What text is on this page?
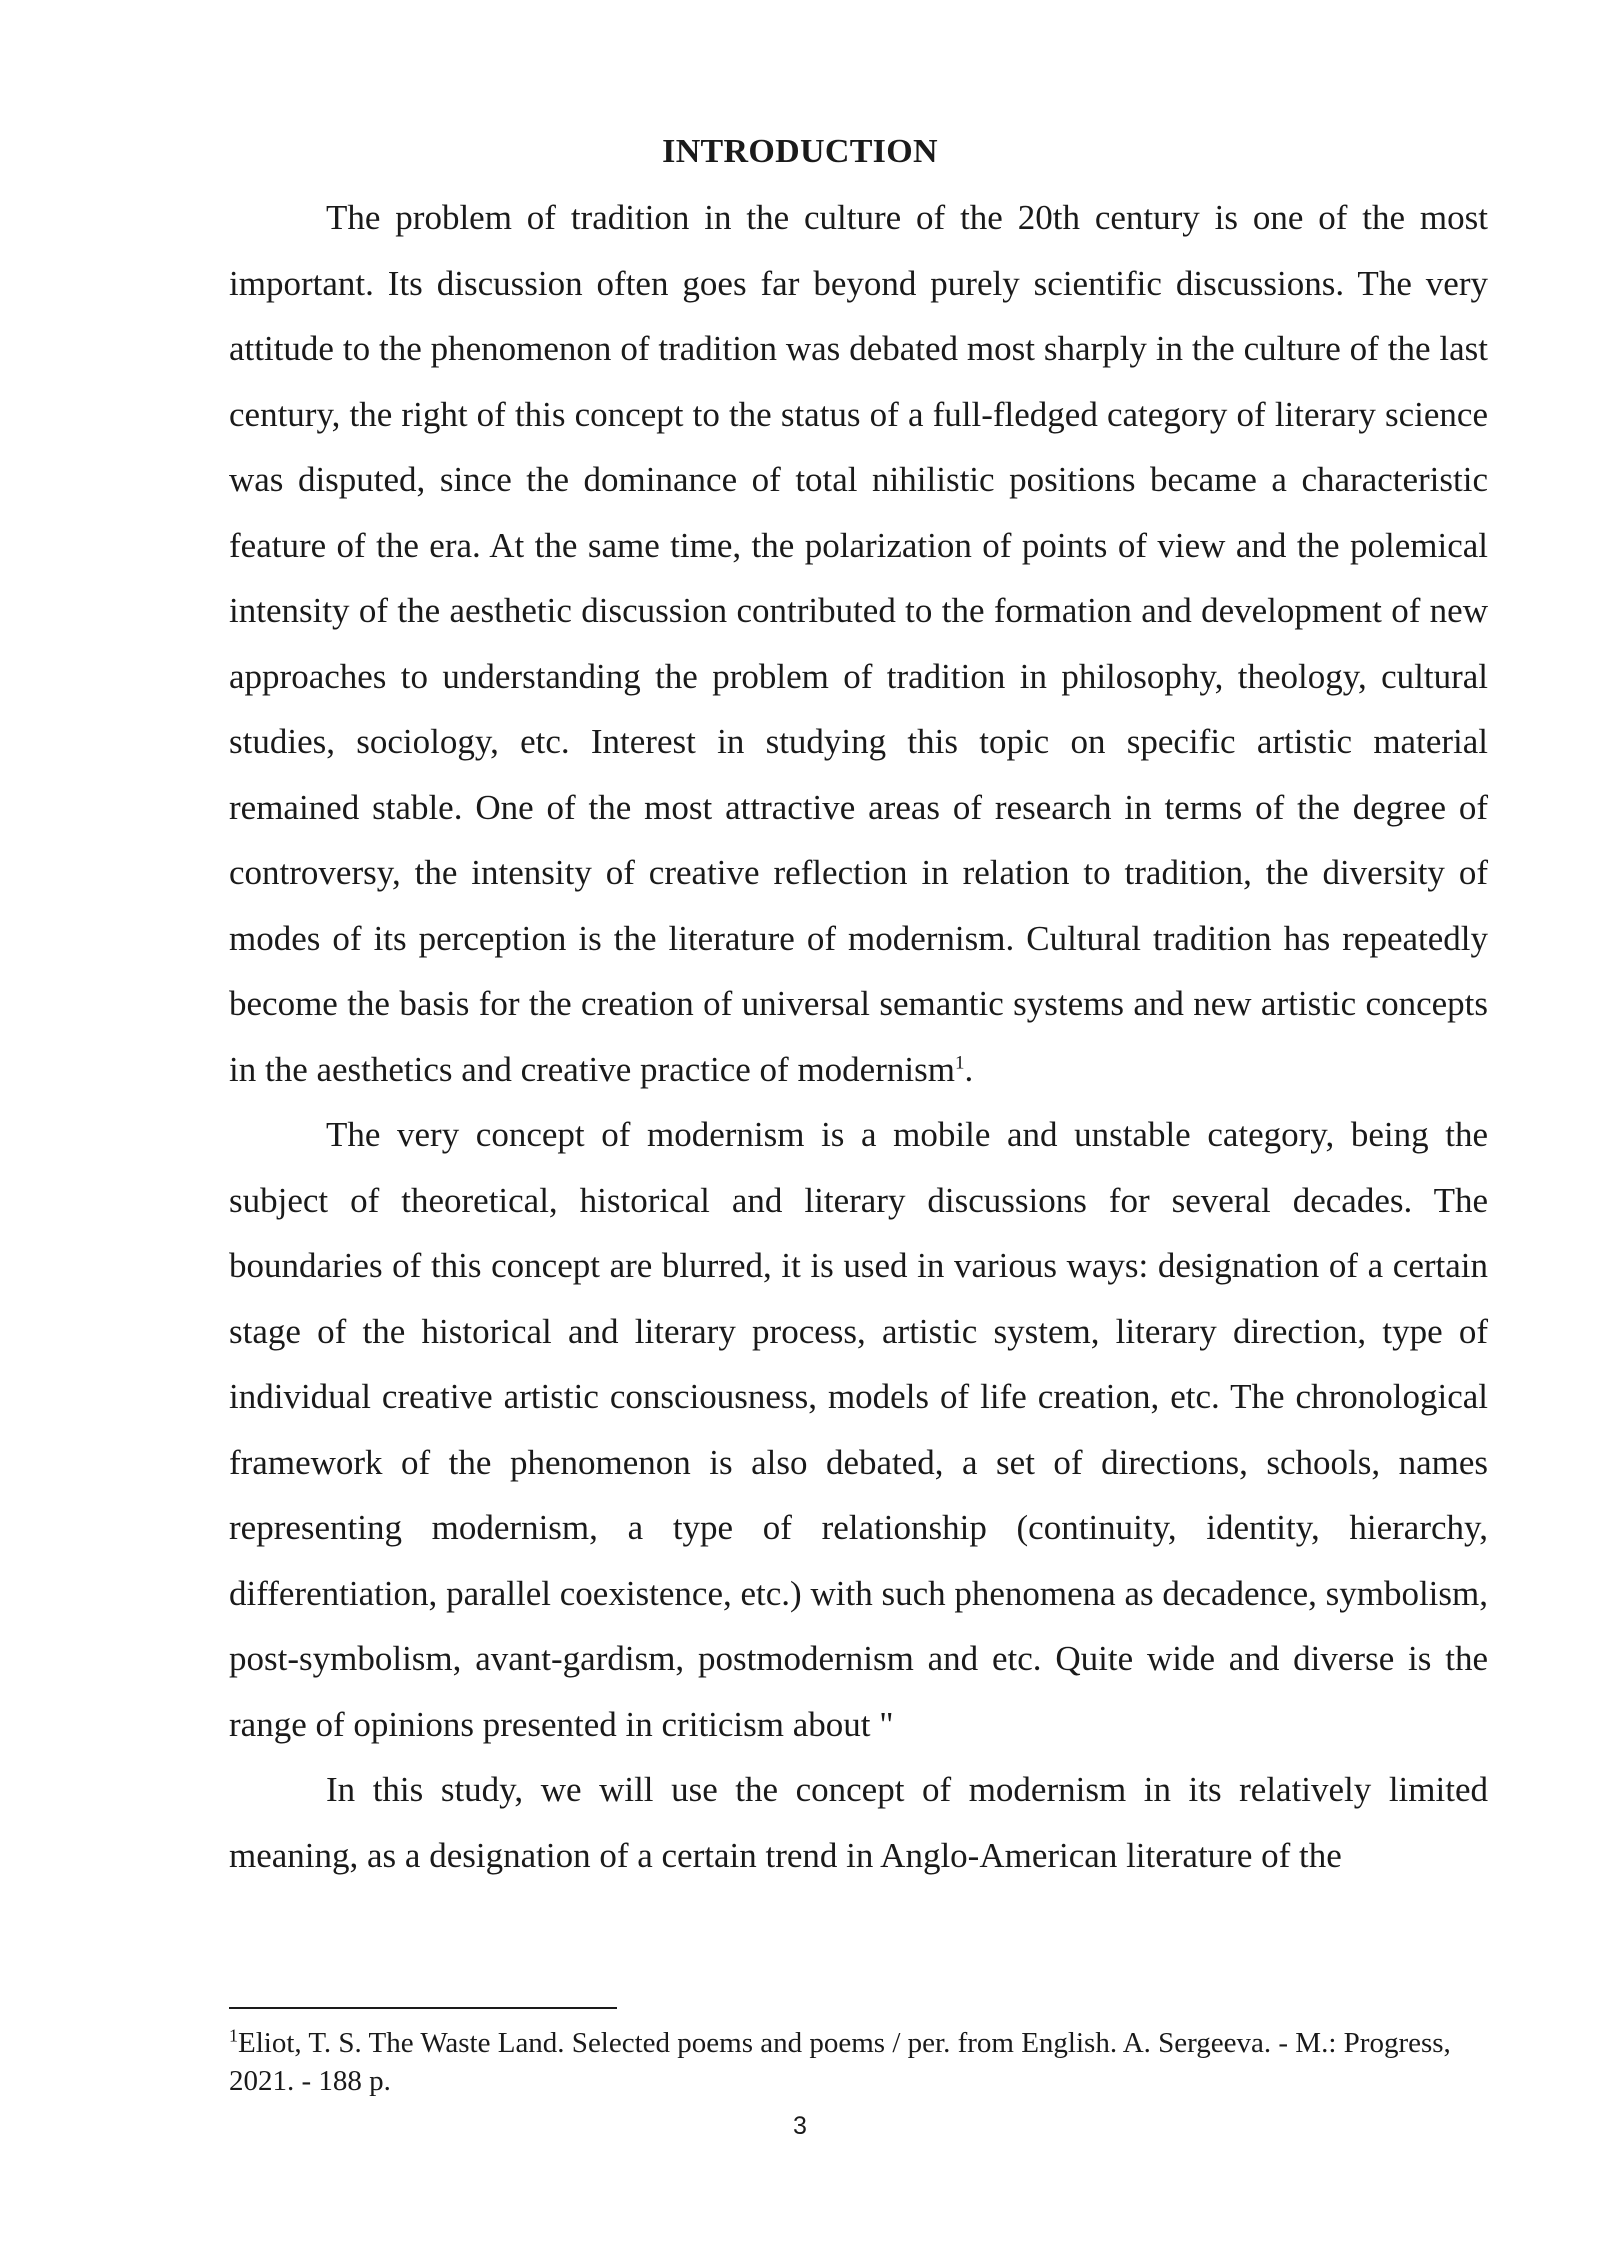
INTRODUCTION

The problem of tradition in the culture of the 20th century is one of the most important. Its discussion often goes far beyond purely scientific discussions. The very attitude to the phenomenon of tradition was debated most sharply in the culture of the last century, the right of this concept to the status of a full-fledged category of literary science was disputed, since the dominance of total nihilistic positions became a characteristic feature of the era. At the same time, the polarization of points of view and the polemical intensity of the aesthetic discussion contributed to the formation and development of new approaches to understanding the problem of tradition in philosophy, theology, cultural studies, sociology, etc. Interest in studying this topic on specific artistic material remained stable. One of the most attractive areas of research in terms of the degree of controversy, the intensity of creative reflection in relation to tradition, the diversity of modes of its perception is the literature of modernism. Cultural tradition has repeatedly become the basis for the creation of universal semantic systems and new artistic concepts in the aesthetics and creative practice of modernism$^1$.

The very concept of modernism is a mobile and unstable category, being the subject of theoretical, historical and literary discussions for several decades. The boundaries of this concept are blurred, it is used in various ways: designation of a certain stage of the historical and literary process, artistic system, literary direction, type of individual creative artistic consciousness, models of life creation, etc. The chronological framework of the phenomenon is also debated, a set of directions, schools, names representing modernism, a type of relationship (continuity, identity, hierarchy, differentiation, parallel coexistence, etc.) with such phenomena as decadence, symbolism, post-symbolism, avant-gardism, postmodernism and etc. Quite wide and diverse is the range of opinions presented in criticism about "

In this study, we will use the concept of modernism in its relatively limited meaning, as a designation of a certain trend in Anglo-American literature of the

$^1$Eliot, T. S. The Waste Land. Selected poems and poems / per. from English. A. Sergeeva. - M.: Progress, 2021. - 188 p.
3
